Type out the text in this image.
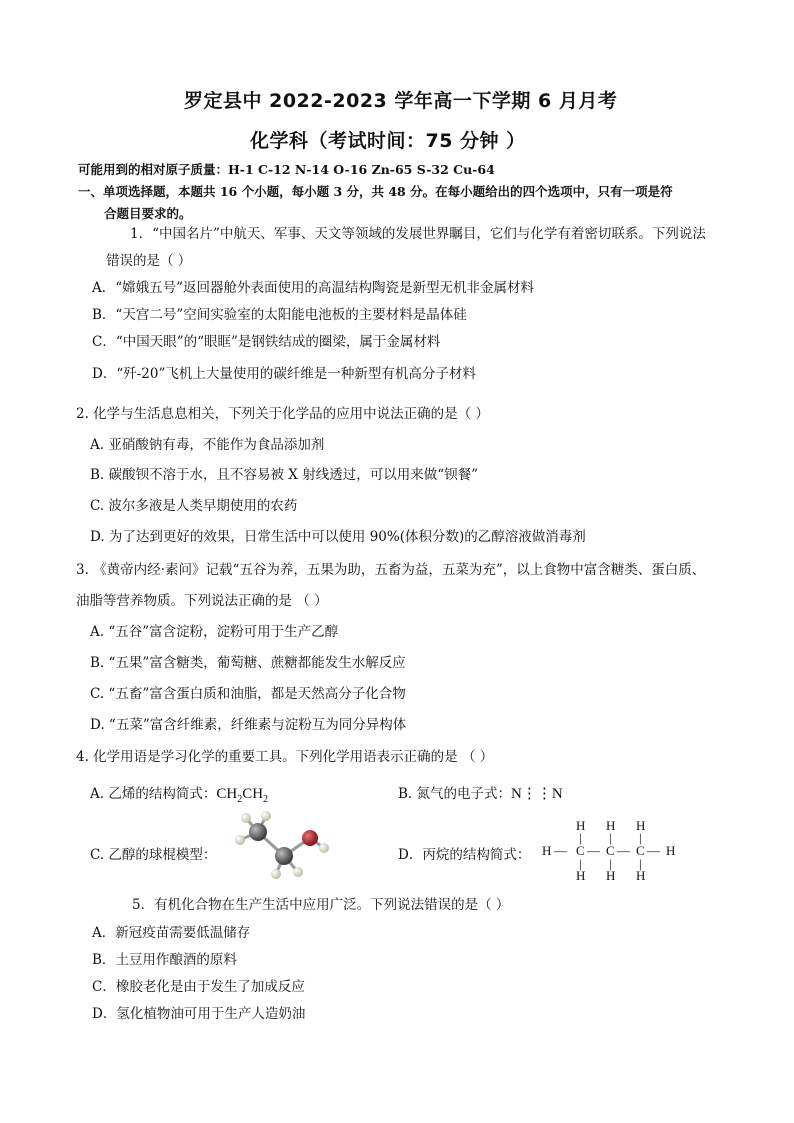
罗定县中 2022-2023 学年高一下学期 6 月月考
化学科（考试时间：75 分钟 ）
可能用到的相对原子质量：H-1 C-12 N-14 O-16 Zn-65 S-32 Cu-64
一、单项选择题，本题共 16 个小题，每小题 3 分，共 48 分。在每小题给出的四个选项中，只有一项是符
合题目要求的。
1．“中国名片”中航天、军事、天文等领域的发展世界瞩目，它们与化学有着密切联系。下列说法
错误的是（ ）
A．“嫦娥五号”返回器舱外表面使用的高温结构陶瓷是新型无机非金属材料
B．“天宫二号”空间实验室的太阳能电池板的主要材料是晶体硅
C．“中国天眼”的“眼眶”是钢铁结成的圈梁，属于金属材料
D．“歼-20”飞机上大量使用的碳纤维是一种新型有机高分子材料
2. 化学与生活息息相关，下列关于化学品的应用中说法正确的是（ ）
A. 亚硝酸钠有毒，不能作为食品添加剂
B. 碳酸钡不溶于水，且不容易被 X 射线透过，可以用来做“钡餐”
C. 波尔多液是人类早期使用的农药
D. 为了达到更好的效果，日常生活中可以使用 90%(体积分数)的乙醇溶液做消毒剂
3. 《黄帝内经·素问》记载“五谷为养，五果为助，五畜为益，五菜为充”，以上食物中富含糖类、蛋白质、
油脂等营养物质。下列说法正确的是 （ ）
A. “五谷”富含淀粉，淀粉可用于生产乙醇
B. “五果”富含糖类，葡萄糖、蔗糖都能发生水解反应
C. “五畜”富含蛋白质和油脂，都是天然高分子化合物
D. “五菜”富含纤维素，纤维素与淀粉互为同分异构体
4. 化学用语是学习化学的重要工具。下列化学用语表示正确的是 （ ）
A. 乙烯的结构简式：$CH_2CH_2$	B. 氮气的电子式：N⋮⋮N
C. 乙醇的球棍模型：	D．丙烷的结构简式：
H H H
| | |
H — C — C — C — H
| | |
H H H
5．有机化合物在生产生活中应用广泛。下列说法错误的是（ ）
A．新冠疫苗需要低温储存
B．土豆用作酿酒的原料
C．橡胶老化是由于发生了加成反应
D．氢化植物油可用于生产人造奶油
